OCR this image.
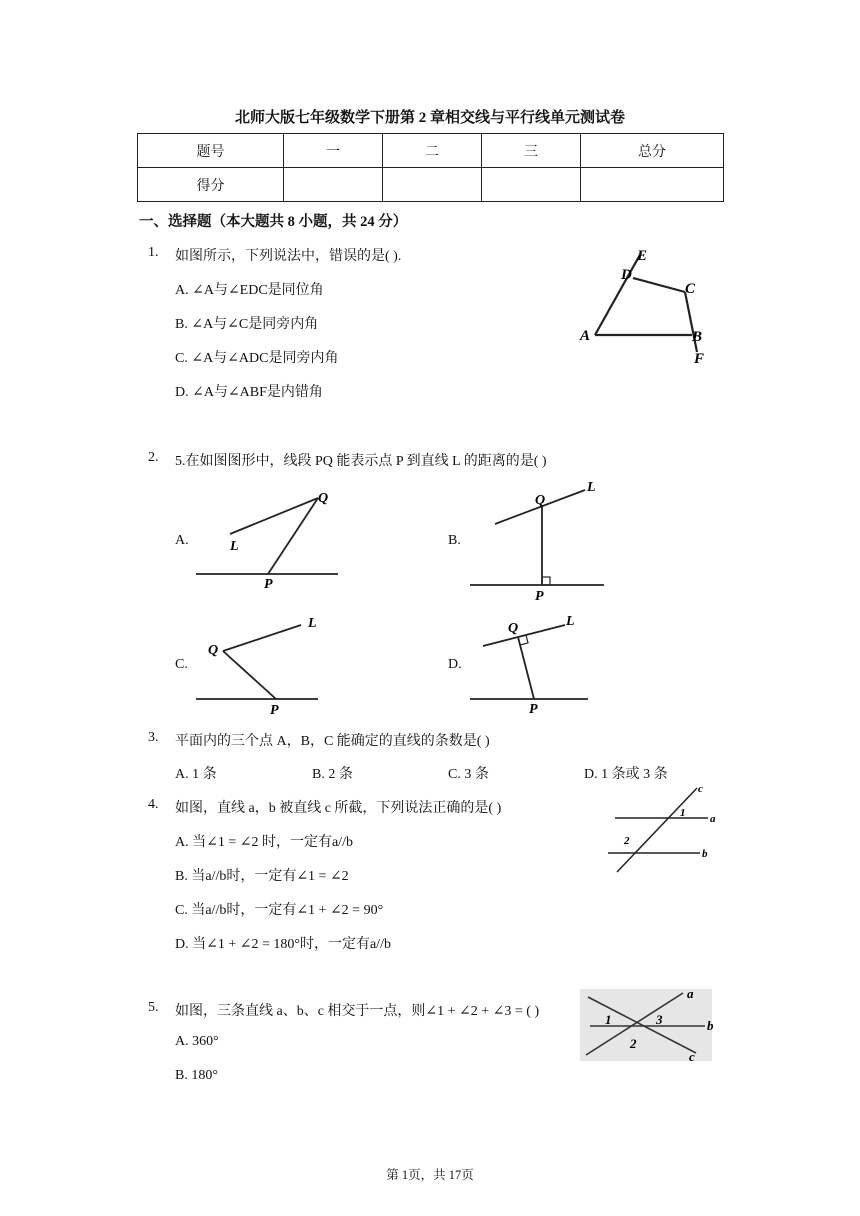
北师大版七年级数学下册第 2 章相交线与平行线单元测试卷
题号	一	二	三	总分
得分				
一、选择题（本大题共 8 小题，共 24 分）
1. 如图所示，下列说法中，错误的是( ).
A. ∠A与∠EDC是同位角
B. ∠A与∠C是同旁内角
C. ∠A与∠ADC是同旁内角
D. ∠A与∠ABF是内错角
E
D
C
A	B
F
2. 5.在如图图形中，线段 PQ 能表示点 P 到直线 L 的距离的是( )
A.	B.
C.	D.
Q
L
P
Q
L
P
Q
L
P
Q	L
P
3. 平面内的三个点 A，B，C 能确定的直线的条数是( )
A. 1 条	B. 2 条	C. 3 条	D. 1 条或 3 条
4. 如图，直线 a，b 被直线 c 所截，下列说法正确的是( )
A. 当∠1 = ∠2 时，一定有a//b
B. 当a//b时，一定有∠1 = ∠2
C. 当a//b时，一定有∠1 + ∠2 = 90°
D. 当∠1 + ∠2 = 180°时，一定有a//b
c
1 a
2
b
5. 如图，三条直线 a、b、c 相交于一点，则∠1 + ∠2 + ∠3 = ( )
A. 360°
B. 180°
a
1	3	b
2
c
第 1页，共 17页
